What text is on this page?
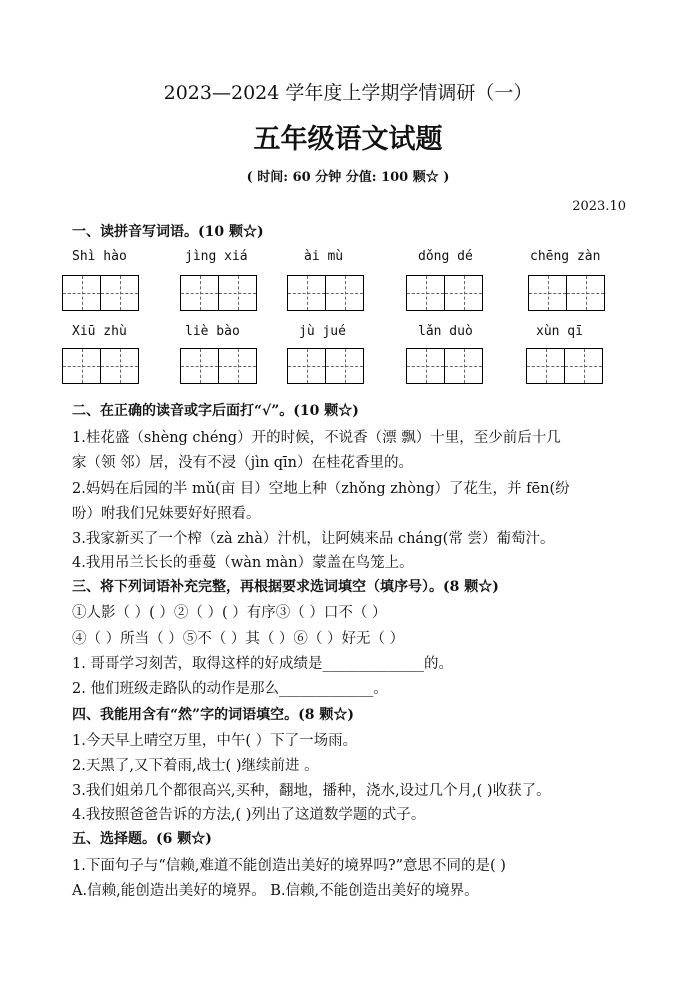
2023—2024 学年度上学期学情调研（一）
五年级语文试题
( 时间: 60 分钟 分值: 100 颗☆ )
2023.10
一、读拼音写词语。(10 颗☆)
Shì hào	jìng xiá	ài mù	dǒng dé	chēng zàn
Xiū zhù	liè bào	jù jué	lǎn duò	xùn qī
二、在正确的读音或字后面打“√”。(10 颗☆)
1.桂花盛（shèng chéng）开的时候，不说香（漂 飘）十里，至少前后十几
家（领 邻）居，没有不浸（jìn qīn）在桂花香里的。
2.妈妈在后园的半 mǔ(亩 目）空地上种（zhǒng zhòng）了花生，并 fēn(纷
吩）咐我们兄妹要好好照看。
3.我家新买了一个榨（zà zhà）汁机，让阿姨来品 cháng(常 尝）葡萄汁。
4.我用吊兰长长的垂蔓（wàn màn）蒙盖在鸟笼上。
三、将下列词语补充完整，再根据要求选词填空（填序号）。(8 颗☆)
①人影（ ）( ）②（ ）( ）有序③（ ）口不（ ）
④（ ）所当（ ）⑤不（ ）其（ ）⑥（ ）好无（ ）
1. 哥哥学习刻苦，取得这样的好成绩是______________的。
2. 他们班级走路队的动作是那么_____________。
四、我能用含有“然”字的词语填空。(8 颗☆)
1.今天早上晴空万里，中午( ）下了一场雨。
2.天黑了,又下着雨,战士( )继续前进 。
3.我们姐弟几个都很高兴,买种，翻地，播种，浇水,设过几个月,( )收获了。
4.我按照爸爸告诉的方法,( )列出了这道数学题的式子。
五、选择题。(6 颗☆)
1.下面句子与“信赖,难道不能创造出美好的境界吗?”意思不同的是( )
A.信赖,能创造出美好的境界。 B.信赖,不能创造出美好的境界。
